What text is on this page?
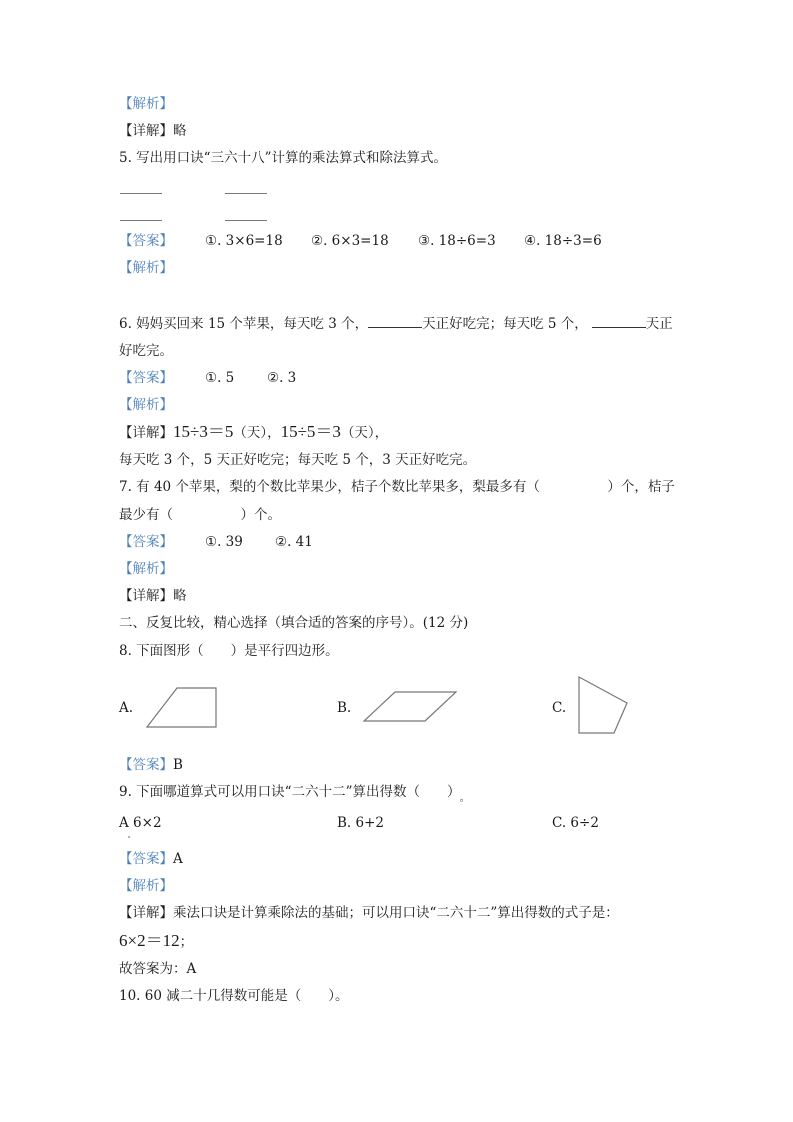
【解析】
【详解】略
5. 写出用口诀“三六十八”计算的乘法算式和除法算式。
【答案】 ①. 3×6=18 ②. 6×3=18 ③. 18÷6=3 ④. 18÷3=6
【解析】
6. 妈妈买回来 15 个苹果，每天吃 3 个，	天正好吃完；每天吃 5 个，	天正
好吃完。
【答案】 ①. 5 ②. 3
【解析】
【详解】15÷3＝5（天），15÷5＝3（天），
每天吃 3 个，5 天正好吃完；每天吃 5 个，3 天正好吃完。
7. 有 40 个苹果，梨的个数比苹果少，桔子个数比苹果多，梨最多有（　　　　　）个，桔子
最少有（　　　　　）个。
【答案】 ①. 39 ②. 41
【解析】
【详解】略
二、反复比较，精心选择（填合适的答案的序号）。(12 分)
8. 下面图形（　　）是平行四边形。
A.	B.	C.
【答案】B
9. 下面哪道算式可以用口诀“二六十二”算出得数（　　） $_。$
A 6×2	B. 6+2	C. 6÷2
【答案】A
【解析】
【详解】乘法口诀是计算乘除法的基础；可以用口诀“二六十二”算出得数的式子是：
6×2＝12；
故答案为：A
10. 60 减二十几得数可能是（　　）。
